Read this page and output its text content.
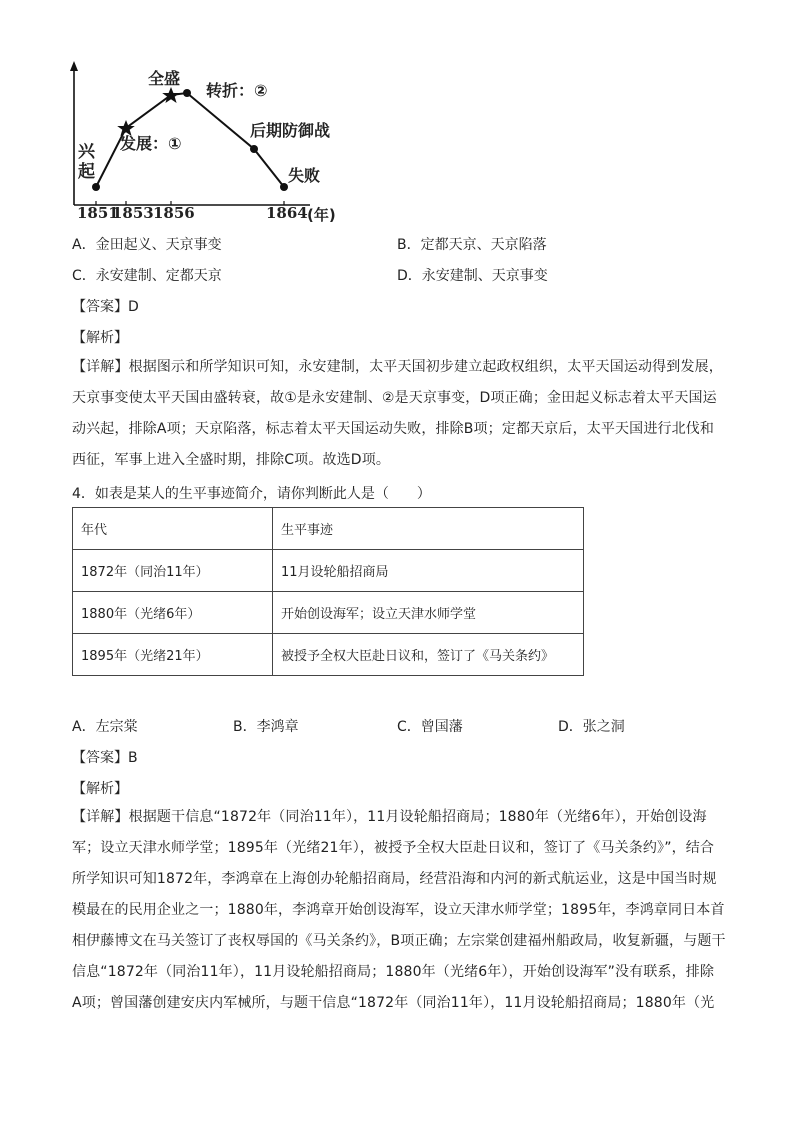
兴起
发展：①
全盛
转折：②
后期防御战
失败
1851
1853 1856	1864 (年)
A．金田起义、天京事变	B．定都天京、天京陷落
C．永安建制、定都天京	D．永安建制、天京事变
【答案】D
【解析】
【详解】根据图示和所学知识可知，永安建制，太平天国初步建立起政权组织，太平天国运动得到发展，
天京事变使太平天国由盛转衰，故①是永安建制、②是天京事变，D项正确；金田起义标志着太平天国运
动兴起，排除A项；天京陷落，标志着太平天国运动失败，排除B项；定都天京后，太平天国进行北伐和
西征，军事上进入全盛时期，排除C项。故选D项。
4．如表是某人的生平事迹简介，请你判断此人是（　　）
年代	生平事迹
1872年（同治11年）	11月设轮船招商局
1880年（光绪6年）	开始创设海军；设立天津水师学堂
1895年（光绪21年）	被授予全权大臣赴日议和，签订了《马关条约》
A．左宗棠	B．李鸿章	C．曾国藩	D．张之洞
【答案】B
【解析】
【详解】根据题干信息“1872年（同治11年），11月设轮船招商局；1880年（光绪6年），开始创设海
军；设立天津水师学堂；1895年（光绪21年），被授予全权大臣赴日议和，签订了《马关条约》”，结合
所学知识可知1872年，李鸿章在上海创办轮船招商局，经营沿海和内河的新式航运业，这是中国当时规
模最在的民用企业之一；1880年，李鸿章开始创设海军，设立天津水师学堂；1895年，李鸿章同日本首
相伊藤博文在马关签订了丧权辱国的《马关条约》，B项正确；左宗棠创建福州船政局，收复新疆，与题干
信息“1872年（同治11年），11月设轮船招商局；1880年（光绪6年），开始创设海军”没有联系，排除
A项；曾国藩创建安庆内军械所，与题干信息“1872年（同治11年），11月设轮船招商局；1880年（光
